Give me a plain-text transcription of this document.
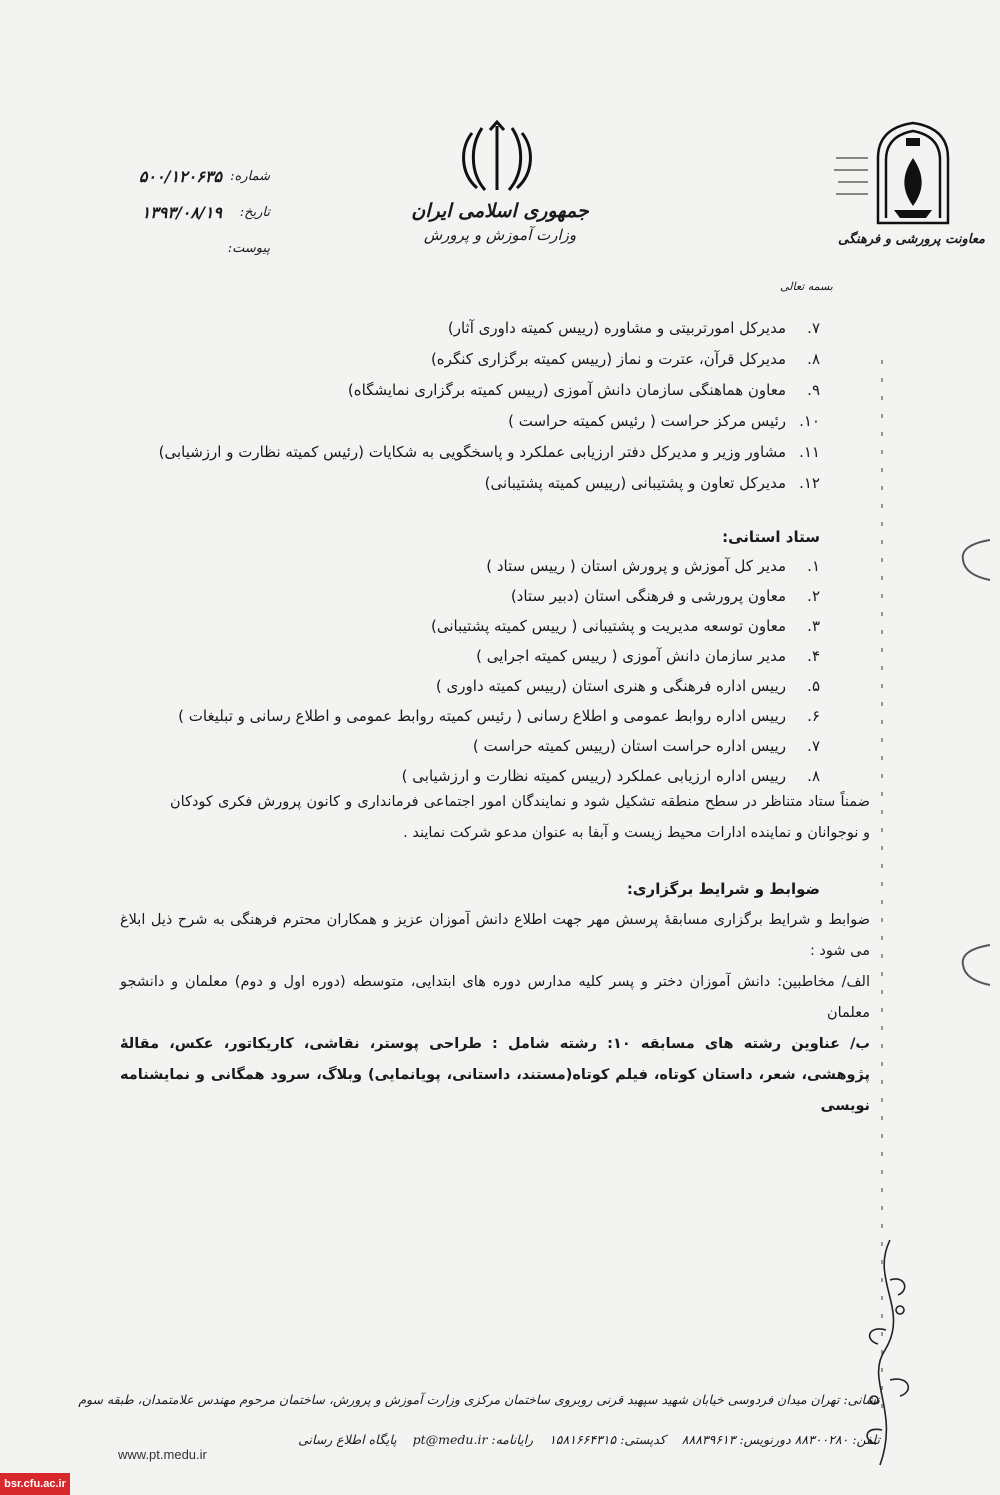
جمهوری اسلامی ایران
وزارت آموزش و پرورش
شماره:
۵۰۰/۱۲۰۶۳۵
تاریخ:
۱۳۹۳/۰۸/۱۹
پیوست:
معاونت پرورشی و فرهنگی
بسمه تعالی
۷.
مدیرکل امورتربیتی و مشاوره (رییس کمیته داوری آثار)
۸.
مدیرکل قرآن، عترت و نماز (رییس کمیته برگزاری کنگره)
۹.
معاون هماهنگی سازمان دانش آموزی (رییس کمیته برگزاری نمایشگاه)
۱۰.
رئیس مرکز حراست ( رئیس کمیته حراست )
۱۱.
مشاور وزیر و مدیرکل دفتر ارزیابی عملکرد و پاسخگویی به شکایات (رئیس کمیته نظارت و ارزشیابی)
۱۲.
مدیرکل تعاون و پشتیبانی (رییس کمیته پشتیبانی)
ستاد استانی:
۱.
مدیر کل آموزش و پرورش استان ( رییس ستاد )
۲.
معاون پرورشی و فرهنگی استان (دبیر ستاد)
۳.
معاون توسعه مدیریت و پشتیبانی ( رییس کمیته پشتیبانی)
۴.
مدیر سازمان دانش آموزی ( رییس کمیته اجرایی )
۵.
رییس اداره فرهنگی و هنری استان (رییس کمیته داوری )
۶.
رییس اداره روابط عمومی و اطلاع رسانی ( رئیس کمیته روابط عمومی و اطلاع رسانی و تبلیغات )
۷.
رییس اداره حراست استان (رییس کمیته حراست )
۸.
رییس اداره ارزیابی عملکرد (رییس کمیته نظارت و ارزشیابی )
ضمناً ستاد متناظر در سطح منطقه تشکیل شود و نمایندگان امور اجتماعی فرمانداری و کانون پرورش فکری کودکان و نوجوانان و نماینده ادارات محیط زیست و آبفا به عنوان مدعو شرکت نمایند .
ضوابط و شرایط برگزاری:
ضوابط و شرایط برگزاری مسابقهٔ پرسش مهر جهت اطلاع دانش آموزان عزیز و همکاران محترم فرهنگی به شرح ذیل ابلاغ می شود :
الف/ مخاطبین: دانش آموزان دختر و پسر کلیه مدارس دوره های ابتدایی، متوسطه (دوره اول و دوم) معلمان و دانشجو معلمان
ب/ عناوین رشته های مسابقه ۱۰: رشته شامل : طراحی پوستر، نقاشی، کاریکاتور، عکس، مقالهٔ پژوهشی، شعر، داستان کوتاه، فیلم کوتاه(مستند، داستانی، پویانمایی) وبلاگ، سرود همگانی و نمایشنامه نویسی
نشانی: تهران میدان فردوسی خیابان شهید سپهبد قرنی روبروی ساختمان مرکزی وزارت آموزش و پرورش، ساختمان مرحوم مهندس علامتمدان، طبقه سوم
تلفن: ۸۸۳۰۰۲۸۰ دورنویس: ۸۸۸۳۹۶۱۳
کدپستی: ۱۵۸۱۶۶۴۳۱۵
رایانامه: pt@medu.ir
پایگاه اطلاع رسانی
www.pt.medu.ir
bsr.cfu.ac.ir
